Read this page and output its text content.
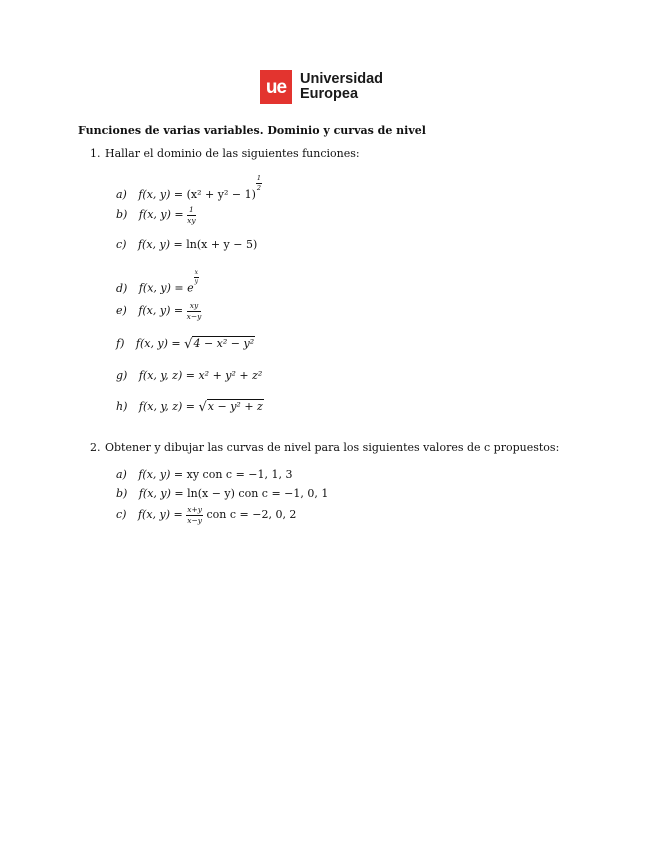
ue Universidad
Europea
Funciones de varias variables. Dominio y curvas de nivel
1. Hallar el dominio de las siguientes funciones:
a) f(x, y) = (x² + y² − 1)
$^{\frac{1}{2}}$
b) f(x, $y) = \frac{1}{xy}$
c) f(x, y) = ln(x + y − 5)
d) f(x, y) = e
$^{\frac{x}{y}}$
e) f(x, $y) = \frac{xy}{x-y}$
f) f(x, y) = √4 − x² − y²
g) f(x, y, z) = x² + y² + z²
h) f(x, y, z) = √x − y² + z
2. Obtener y dibujar las curvas de nivel para los siguientes valores de c propuestos:
a) f(x, y) = xy con c = −1, 1, 3
b) f(x, y) = ln(x − y) con c = −1, 0, 1
c) f(x, $y) = \frac{x+y}{x-y}$ con c = −2, 0, 2
